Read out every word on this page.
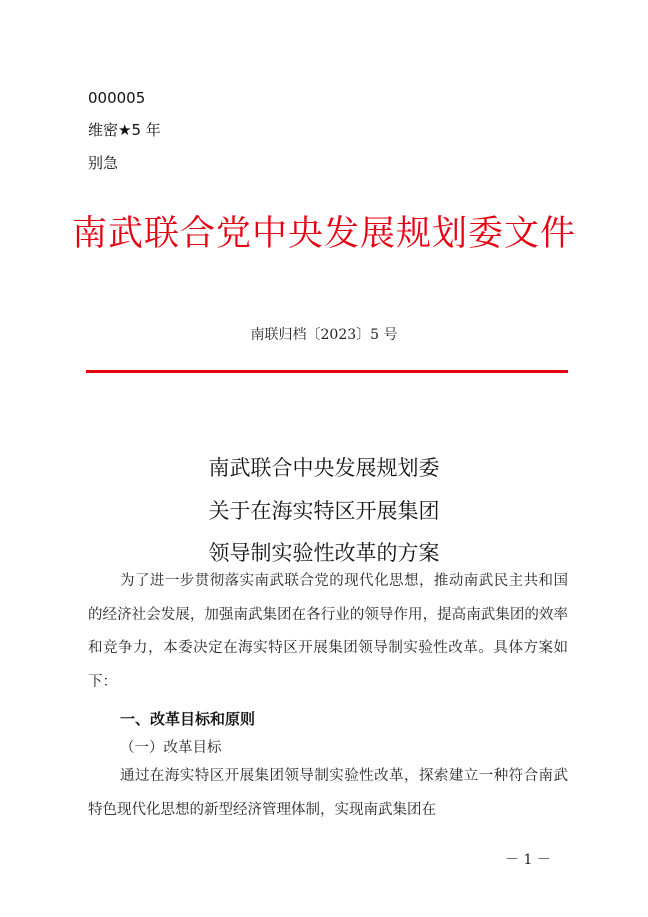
000005
维密★5 年
别急
南武联合党中央发展规划委文件
南联归档〔2023〕5 号
南武联合中央发展规划委
关于在海实特区开展集团
领导制实验性改革的方案
为了进一步贯彻落实南武联合党的现代化思想，推动南武民主共和国的经济社会发展，加强南武集团在各行业的领导作用，提高南武集团的效率和竞争力，本委决定在海实特区开展集团领导制实验性改革。具体方案如下：
一、改革目标和原则
（一）改革目标
通过在海实特区开展集团领导制实验性改革，探索建立一种符合南武特色现代化思想的新型经济管理体制，实现南武集团在
－ 1 －
